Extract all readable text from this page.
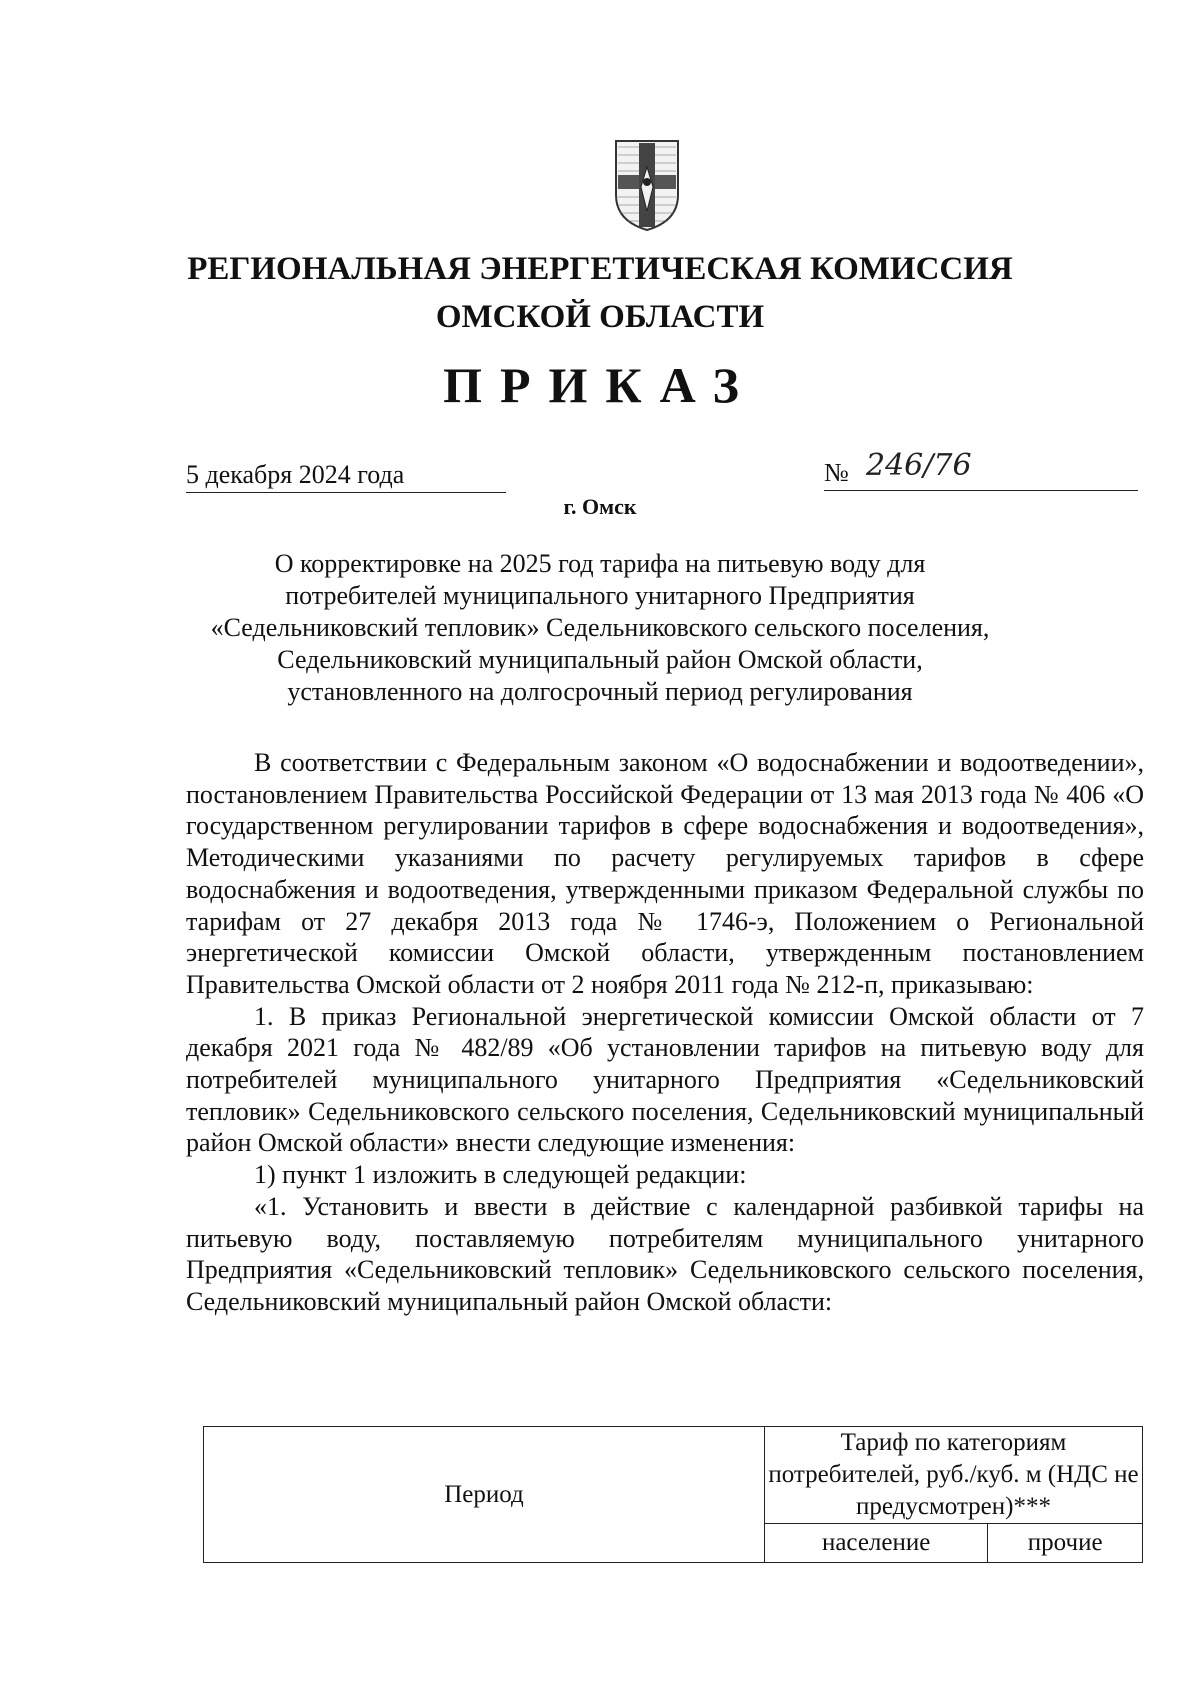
РЕГИОНАЛЬНАЯ ЭНЕРГЕТИЧЕСКАЯ КОМИССИЯ
ОМСКОЙ ОБЛАСТИ
ПРИКАЗ
5 декабря 2024 года	№ 246/76
г. Омск
О корректировке на 2025 год тарифа на питьевую воду для потребителей муниципального унитарного Предприятия «Седельниковский тепловик» Седельниковского сельского поселения, Седельниковский муниципальный район Омской области, установленного на долгосрочный период регулирования

В соответствии с Федеральным законом «О водоснабжении и водоотведении», постановлением Правительства Российской Федерации от 13 мая 2013 года № 406 «О государственном регулировании тарифов в сфере водоснабжения и водоотведения», Методическими указаниями по расчету регулируемых тарифов в сфере водоснабжения и водоотведения, утвержденными приказом Федеральной службы по тарифам от 27 декабря 2013 года № 1746-э, Положением о Региональной энергетической комиссии Омской области, утвержденным постановлением Правительства Омской области от 2 ноября 2011 года № 212-п, приказываю:

1. В приказ Региональной энергетической комиссии Омской области от 7 декабря 2021 года № 482/89 «Об установлении тарифов на питьевую воду для потребителей муниципального унитарного Предприятия «Седельниковский тепловик» Седельниковского сельского поселения, Седельниковский муниципальный район Омской области» внести следующие изменения:

1) пункт 1 изложить в следующей редакции:

«1. Установить и ввести в действие с календарной разбивкой тарифы на питьевую воду, поставляемую потребителям муниципального унитарного Предприятия «Седельниковский тепловик» Седельниковского сельского поселения, Седельниковский муниципальный район Омской области:

Период	Тариф по категориям потребителей, руб./куб. м (НДС не предусмотрен)***	
	население	прочие
